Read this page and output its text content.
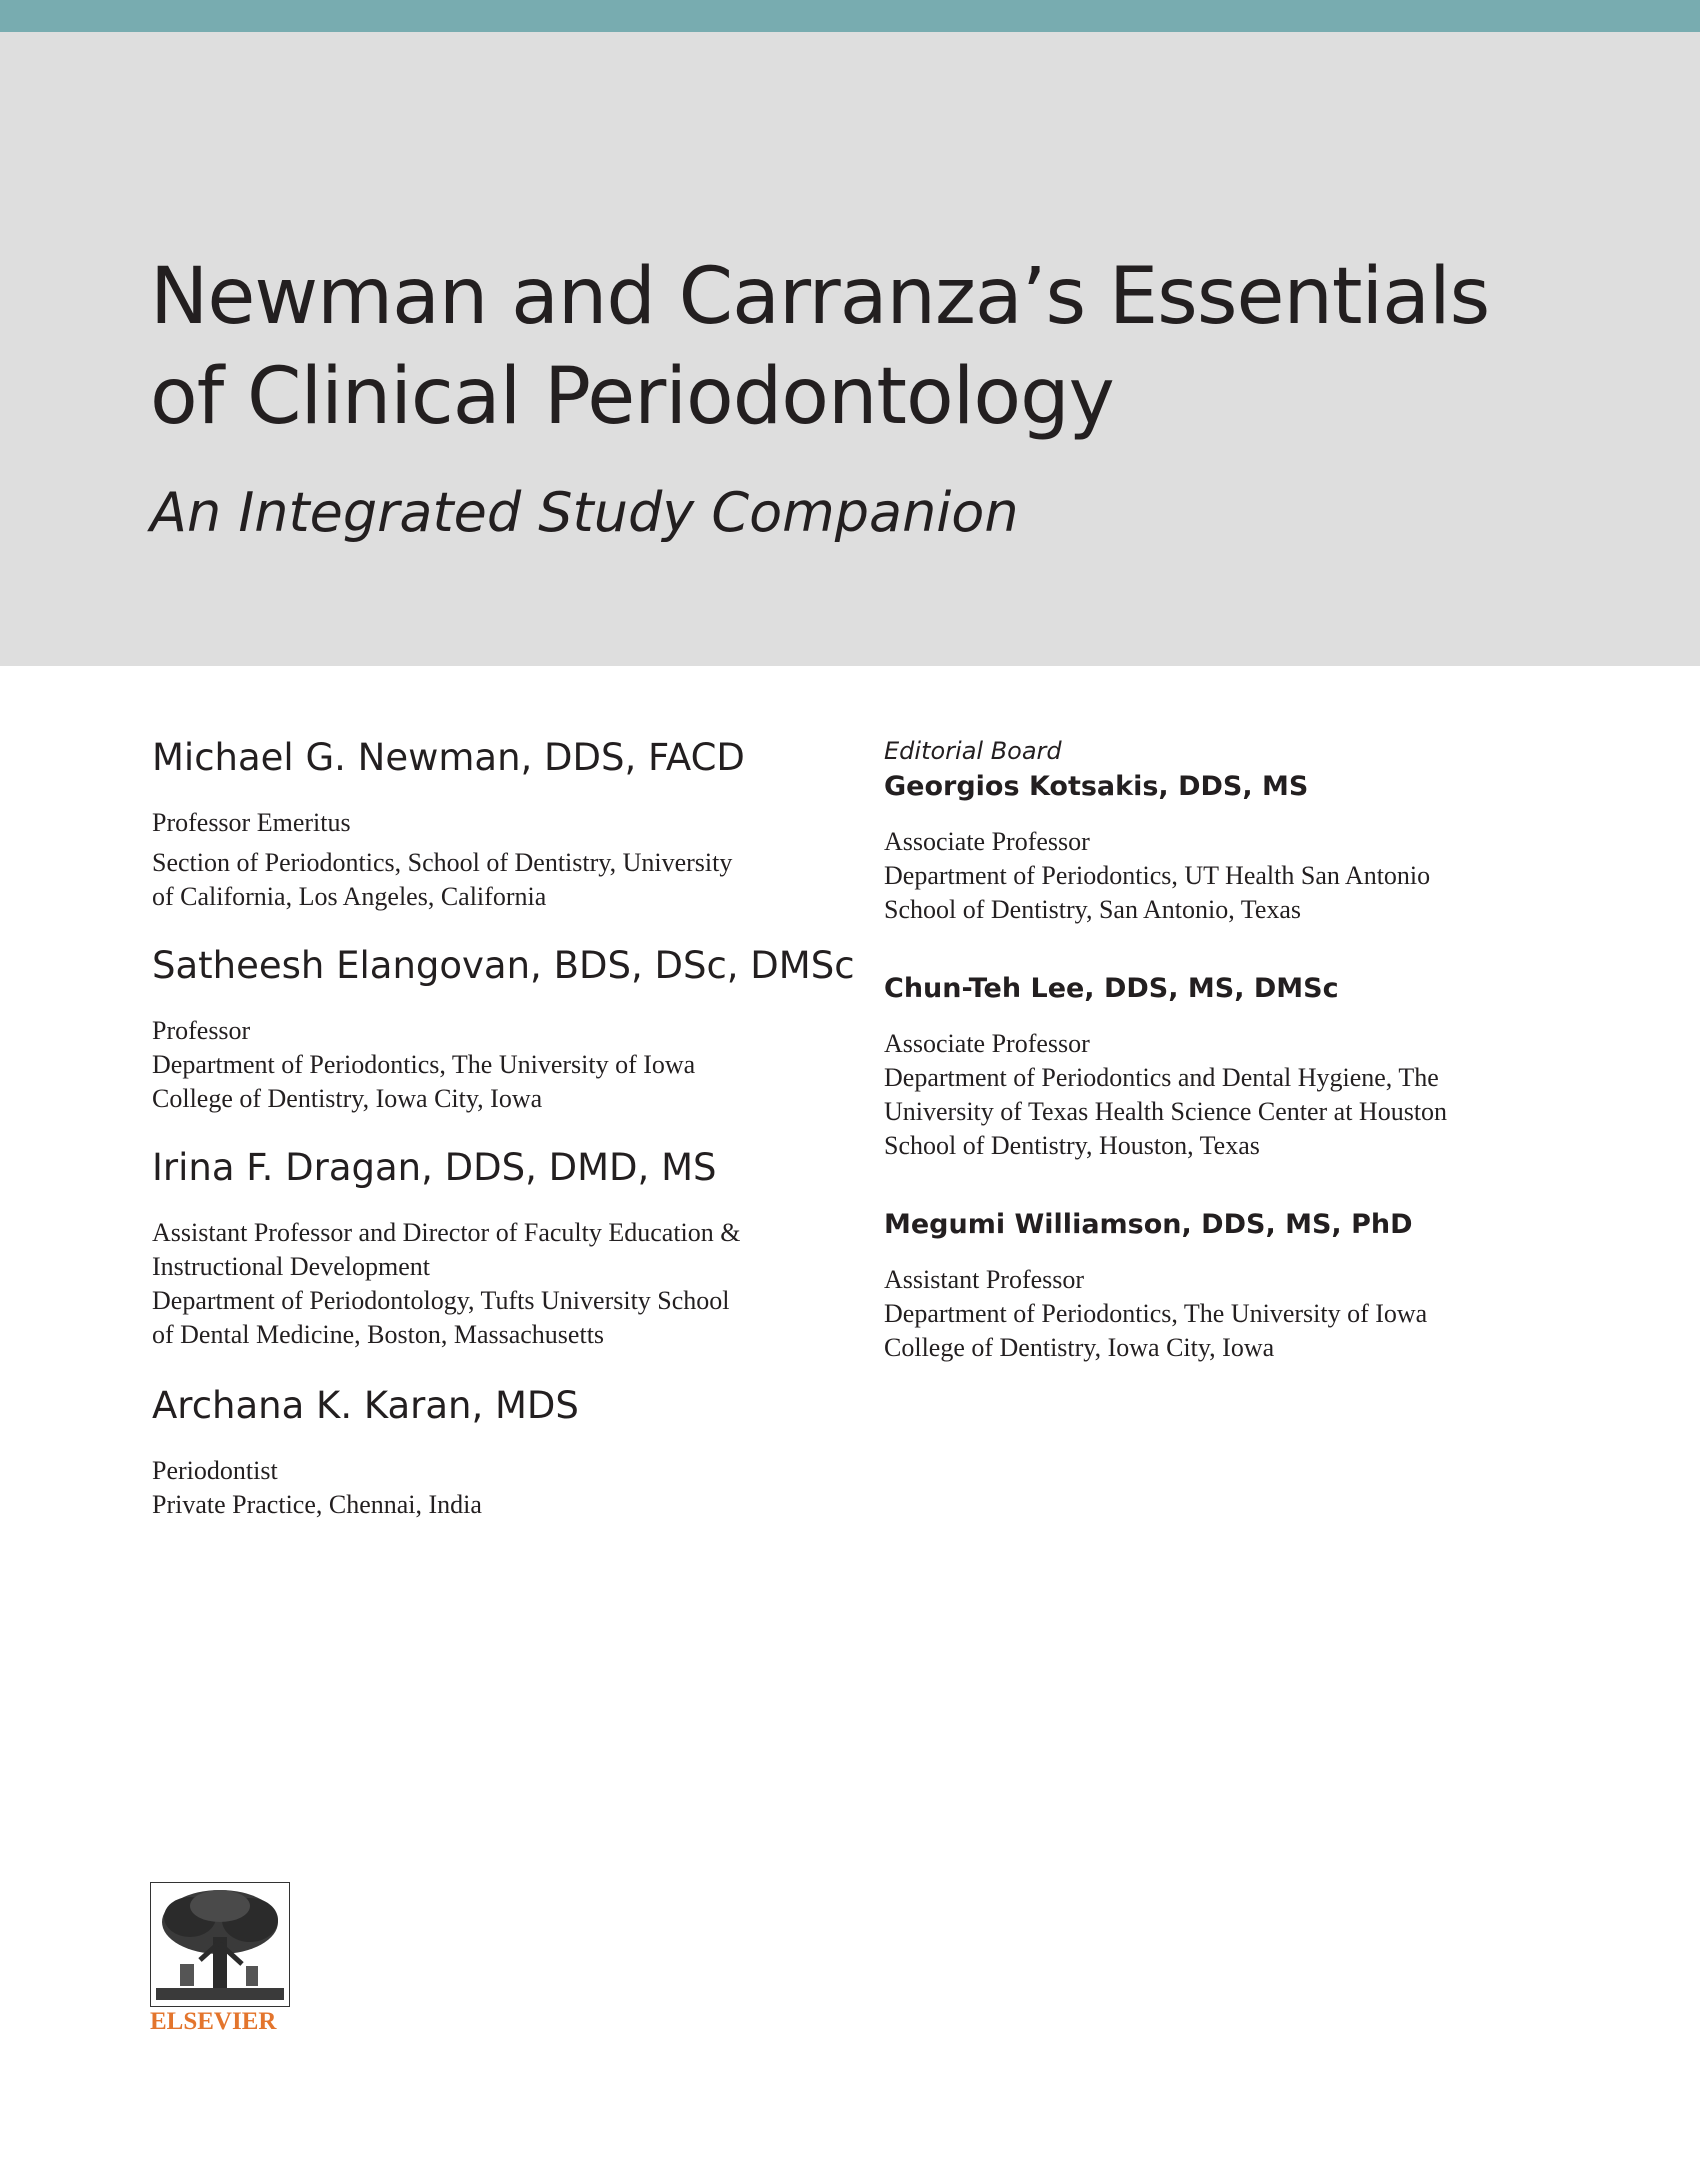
Newman and Carranza’s Essentials
of Clinical Periodontology
An Integrated Study Companion
Michael G. Newman, DDS, FACD
Professor Emeritus
Section of Periodontics, School of Dentistry, University
of California, Los Angeles, California
Satheesh Elangovan, BDS, DSc, DMSc
Professor
Department of Periodontics, The University of Iowa
College of Dentistry, Iowa City, Iowa
Irina F. Dragan, DDS, DMD, MS
Assistant Professor and Director of Faculty Education &
Instructional Development
Department of Periodontology, Tufts University School
of Dental Medicine, Boston, Massachusetts
Archana K. Karan, MDS
Periodontist
Private Practice, Chennai, India
Editorial Board
Georgios Kotsakis, DDS, MS
Associate Professor
Department of Periodontics, UT Health San Antonio
School of Dentistry, San Antonio, Texas
Chun-Teh Lee, DDS, MS, DMSc
Associate Professor
Department of Periodontics and Dental Hygiene, The
University of Texas Health Science Center at Houston
School of Dentistry, Houston, Texas
Megumi Williamson, DDS, MS, PhD
Assistant Professor
Department of Periodontics, The University of Iowa
College of Dentistry, Iowa City, Iowa
ELSEVIER
